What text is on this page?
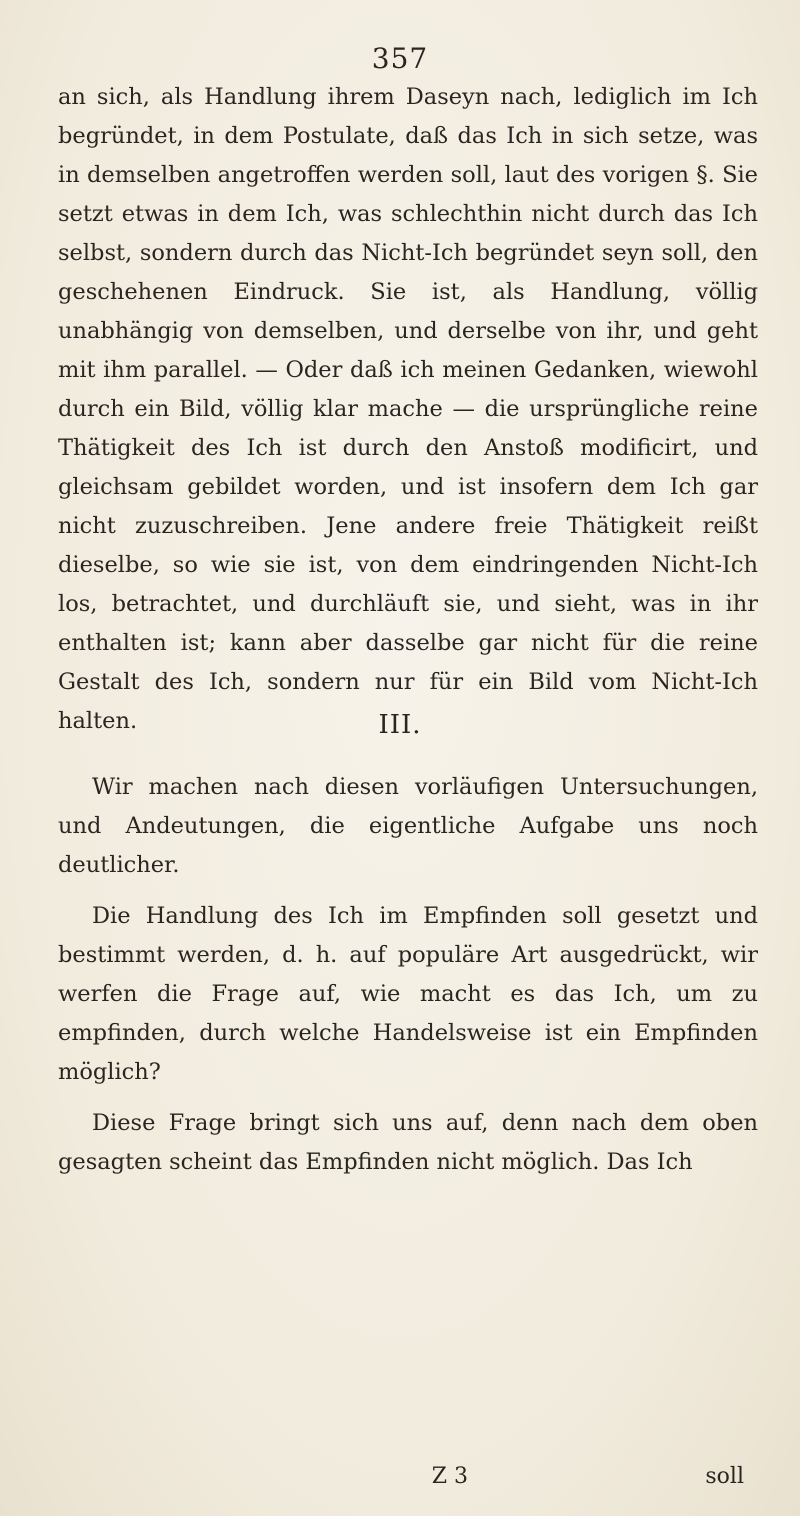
357

an sich, als Handlung ihrem Daseyn nach, lediglich im Ich begründet, in dem Postulate, daß das Ich in sich setze, was in demselben angetroffen werden soll, laut des vorigen §. Sie setzt etwas in dem Ich, was schlechthin nicht durch das Ich selbst, sondern durch das Nicht-Ich begründet seyn soll, den geschehenen Eindruck. Sie ist, als Handlung, völlig unabhängig von demselben, und derselbe von ihr, und geht mit ihm parallel. — Oder daß ich meinen Gedanken, wiewohl durch ein Bild, völlig klar mache — die ursprüngliche reine Thätigkeit des Ich ist durch den Anstoß modificirt, und gleichsam gebildet worden, und ist insofern dem Ich gar nicht zuzuschreiben. Jene andere freie Thätigkeit reißt dieselbe, so wie sie ist, von dem eindringenden Nicht-Ich los, betrachtet, und durchläuft sie, und sieht, was in ihr enthalten ist; kann aber dasselbe gar nicht für die reine Gestalt des Ich, sondern nur für ein Bild vom Nicht-Ich halten.	III.

Wir machen nach diesen vorläufigen Untersuchungen, und Andeutungen, die eigentliche Aufgabe uns noch deutlicher.

Die Handlung des Ich im Empfinden soll gesetzt und bestimmt werden, d. h. auf populäre Art ausgedrückt, wir werfen die Frage auf, wie macht es das Ich, um zu empfinden, durch welche Handelsweise ist ein Empfinden möglich?

Diese Frage bringt sich uns auf, denn nach dem oben gesagten scheint das Empfinden nicht möglich. Das Ich

Z 3	soll
